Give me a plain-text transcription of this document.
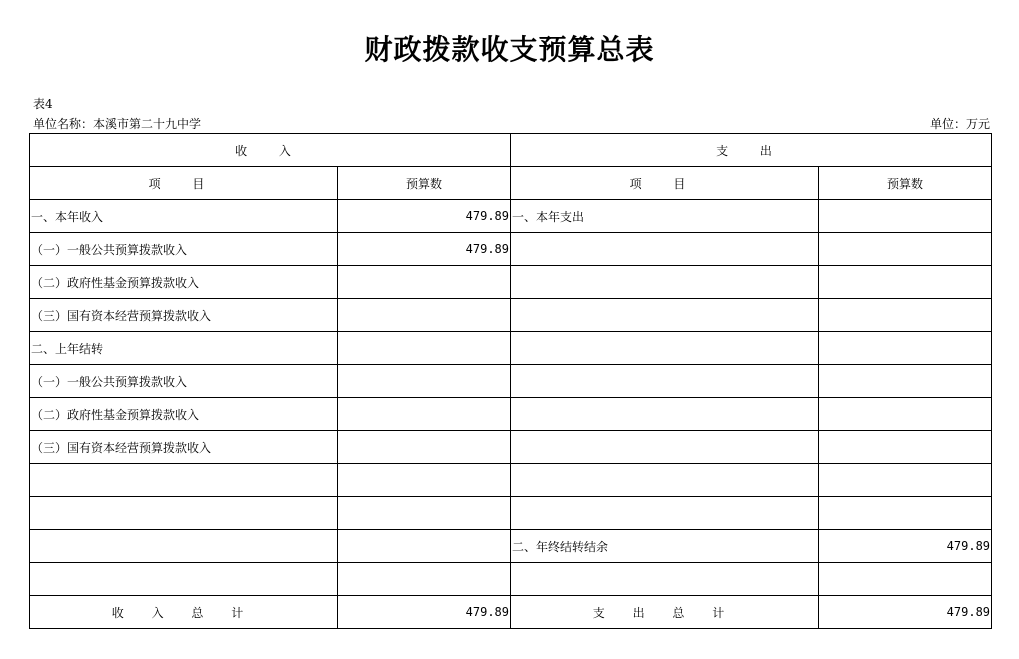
财政拨款收支预算总表
表4
单位名称：本溪市第二十九中学	单位：万元
收 入		支 出	
项 目	预算数	项 目	预算数
一、本年收入	479.89	一、本年支出	
（一）一般公共预算拨款收入	479.89		
（二）政府性基金预算拨款收入			
（三）国有资本经营预算拨款收入			
二、上年结转			
（一）一般公共预算拨款收入			
（二）政府性基金预算拨款收入			
（三）国有资本经营预算拨款收入			

		二、年终结转结余	479.89

收 入 总 计	479.89	支 出 总 计	479.89
